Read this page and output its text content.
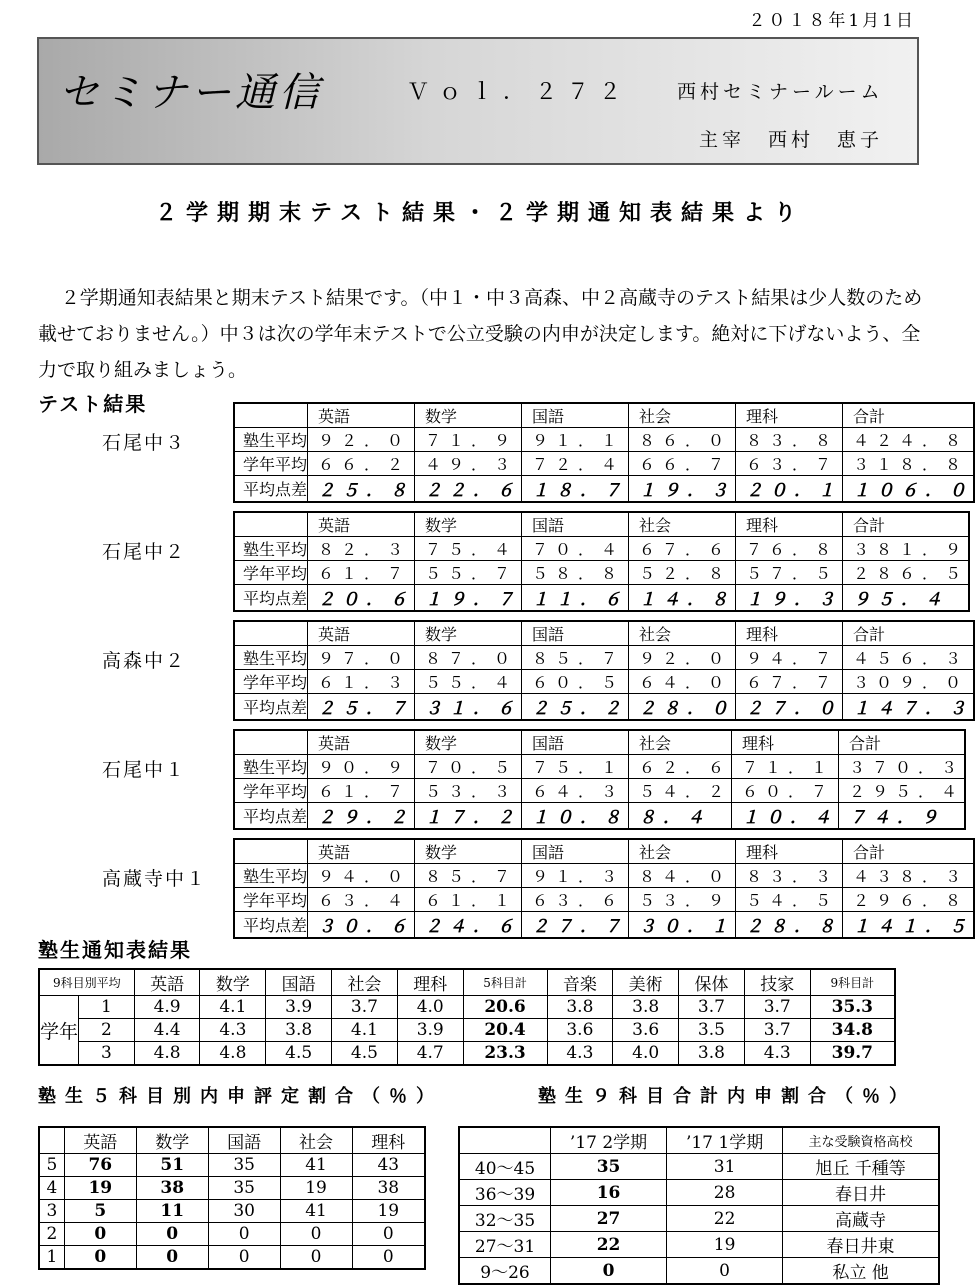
２０１８年1月1日
セミナー通信	Ｖｏｌ．２７２ 西村セミナールーム
主宰　西村　恵子
２学期期末テスト結果・２学期通知表結果より
２学期通知表結果と期末テスト結果です。（中１・中３高森、中２高蔵寺のテスト結果は少人数のため載せておりません。）中３は次の学年末テストで公立受験の内申が決定します。絶対に下げないよう、全力で取り組みましょう。
テスト結果
石尾中３
	英語	数学	国語	社会	理科	合計
塾生平均	９２．０	７１．９	９１．１	８６．０	８３．８	４２４．８
学年平均	６６．２	４９．３	７２．４	６６．７	６３．７	３１８．８
平均点差	２５．８	２２．６	１８．７	１９．３	２０．１	１０６．０
石尾中２
	英語	数学	国語	社会	理科	合計
塾生平均	８２．３	７５．４	７０．４	６７．６	７６．８	３８１．９
学年平均	６１．７	５５．７	５８．８	５２．８	５７．５	２８６．５
平均点差	２０．６	１９．７	１１．６	１４．８	１９．３	９５．４
高森中２
	英語	数学	国語	社会	理科	合計
塾生平均	９７．０	８７．０	８５．７	９２．０	９４．７	４５６．３
学年平均	６１．３	５５．４	６０．５	６４．０	６７．７	３０９．０
平均点差	２５．７	３１．６	２５．２	２８．０	２７．０	１４７．３
石尾中１
	英語	数学	国語	社会	理科	合計
塾生平均	９０．９	７０．５	７５．１	６２．６	７１．１	３７０．３
学年平均	６１．７	５３．３	６４．３	５４．２	６０．７	２９５．４
平均点差	２９．２	１７．２	１０．８	８．４	１０．４	７４．９
高蔵寺中１
	英語	数学	国語	社会	理科	合計
塾生平均	９４．０	８５．７	９１．３	８４．０	８３．３	４３８．３
学年平均	６３．４	６１．１	６３．６	５３．９	５４．５	２９６．８
平均点差	３０．６	２４．６	２７．７	３０．１	２８．８	１４１．５
塾生通知表結果
9科目別平均		英語	数学	国語	社会	理科	5科目計	音楽	美術	保体	技家	9科目計
学年	1	4.9	4.1	3.9	3.7	4.0	20.6	3.8	3.8	3.7	3.7	35.3
	2	4.4	4.3	3.8	4.1	3.9	20.4	3.6	3.6	3.5	3.7	34.8
	3	4.8	4.8	4.5	4.5	4.7	23.3	4.3	4.0	3.8	4.3	39.7
塾生５科目別内申評定割合（％）	塾生９科目合計内申割合（％）
	英語	数学	国語	社会	理科
5	76	51	35	41	43
4	19	38	35	19	38
3	5	11	30	41	19
2	0	0	0	0	0
1	0	0	0	0	0
	’17 2学期	’17 1学期	主な受験資格高校
40～45	35	31	旭丘 千種等
36～39	16	28	春日井
32～35	27	22	高蔵寺
27～31	22	19	春日井東
9～26	0	0	私立 他
